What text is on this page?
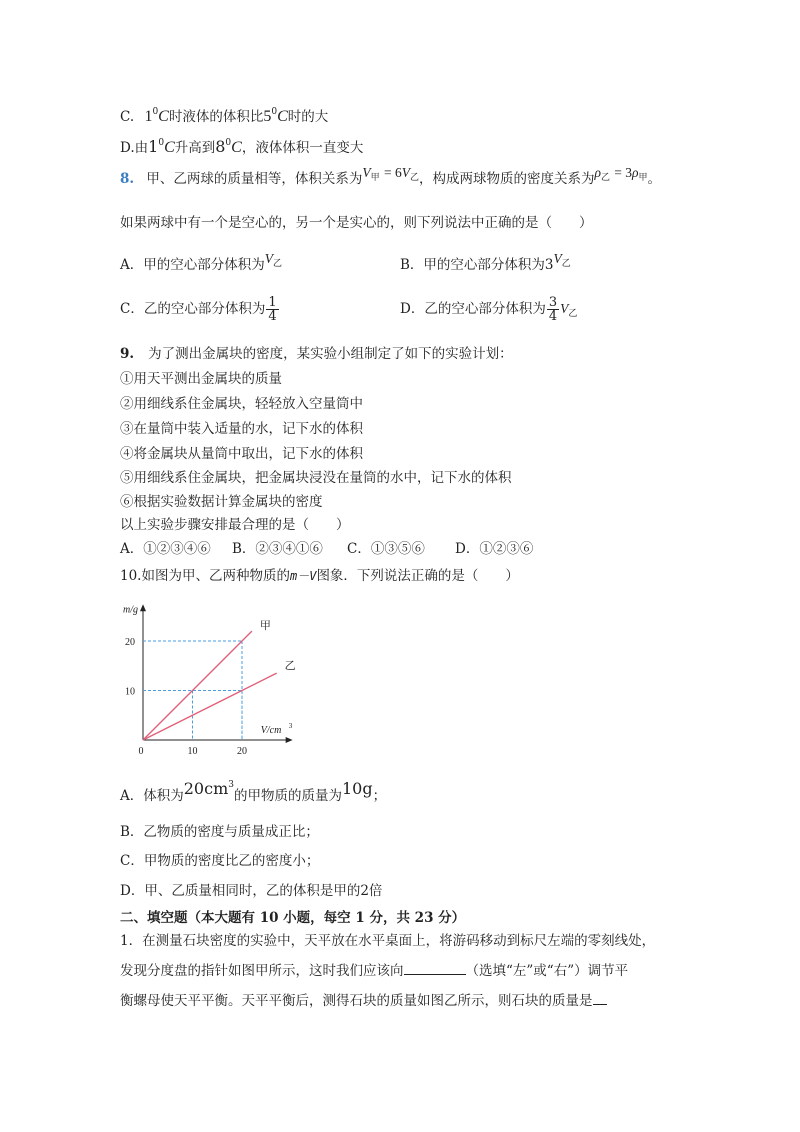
C. $1^0C$时液体的体积比$5^0C$时的大
D.由$1^0C$升高到$8^0C$，液体体积一直变大
8. 甲、乙两球的质量相等，体积关系为$V_甲 = 6V_乙$，构成两球物质的密度关系为$\rho_乙 = 3\rho_甲$。
如果两球中有一个是空心的，另一个是实心的，则下列说法中正确的是（　　）
A．甲的空心部分体积为$V_乙$	B．甲的空心部分体积为$3V_乙$
C．乙的空心部分体积为 $\frac{1}{4}$	D．乙的空心部分体积为 $\frac{3}{4} V_乙$
9. 为了测出金属块的密度，某实验小组制定了如下的实验计划：
①用天平测出金属块的质量
②用细线系住金属块，轻轻放入空量筒中
③在量筒中装入适量的水，记下水的体积
④将金属块从量筒中取出，记下水的体积
⑤用细线系住金属块，把金属块浸没在量筒的水中，记下水的体积
⑥根据实验数据计算金属块的密度
以上实验步骤安排最合理的是（　　）
A．①②③④⑥ B．②③④①⑥ C．①③⑤⑥ D．①②③⑥
10.如图为甲、乙两种物质的m－V图象．下列说法正确的是（　　）
甲
乙
10	20
10
20
0
m/g
V/cm 3
A．体积为$20cm^3$的甲物质的质量为10g；
B．乙物质的密度与质量成正比；
C．甲物质的密度比乙的密度小；
D．甲、乙质量相同时，乙的体积是甲的2倍
二、填空题（本大题有 10 小题，每空 1 分，共 23 分）
1．在测量石块密度的实验中，天平放在水平桌面上，将游码移动到标尺左端的零刻线处，
发现分度盘的指针如图甲所示，这时我们应该向	（选填“左”或“右”）调节平
衡螺母使天平平衡。天平平衡后，测得石块的质量如图乙所示，则石块的质量是
